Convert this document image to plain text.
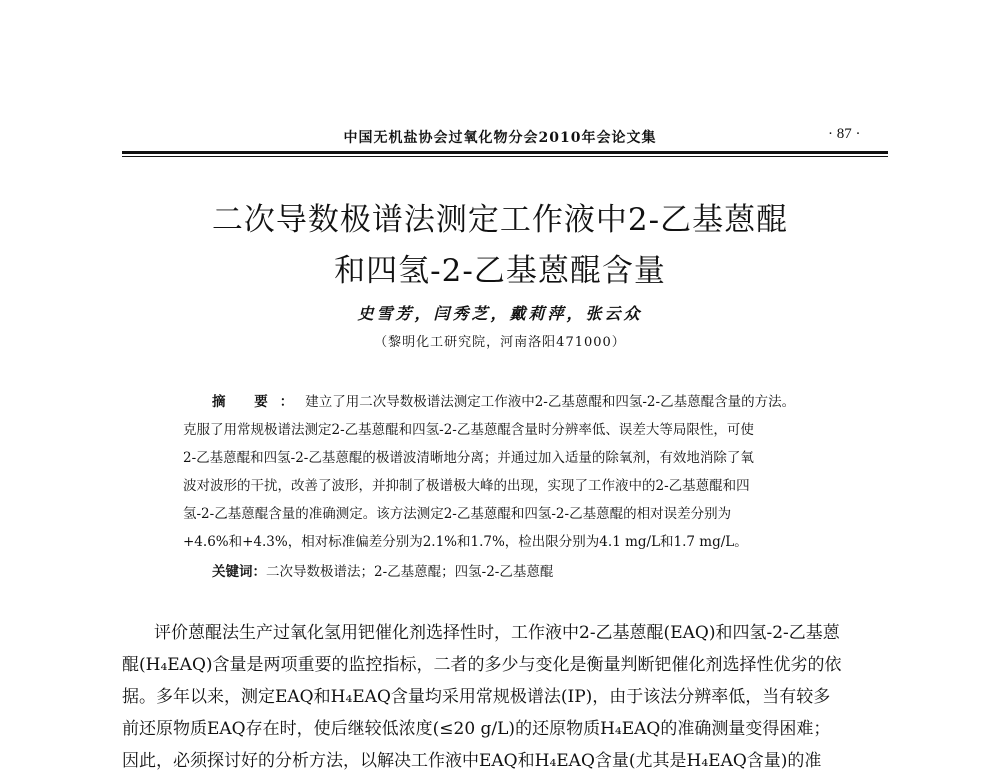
中国无机盐协会过氧化物分会2010年会论文集	· 87 ·
二次导数极谱法测定工作液中2-乙基蒽醌
和四氢-2-乙基蒽醌含量
史雪芳，闫秀芝，戴莉萍，张云众
（黎明化工研究院，河南洛阳471000）
摘 要：建立了用二次导数极谱法测定工作液中2-乙基蒽醌和四氢-2-乙基蒽醌含量的方法。
克服了用常规极谱法测定2-乙基蒽醌和四氢-2-乙基蒽醌含量时分辨率低、误差大等局限性，可使
2-乙基蒽醌和四氢-2-乙基蒽醌的极谱波清晰地分离；并通过加入适量的除氧剂，有效地消除了氧
波对波形的干扰，改善了波形，并抑制了极谱极大峰的出现，实现了工作液中的2-乙基蒽醌和四
氢-2-乙基蒽醌含量的准确测定。该方法测定2-乙基蒽醌和四氢-2-乙基蒽醌的相对误差分别为
+4.6%和+4.3%，相对标准偏差分别为2.1%和1.7%，检出限分别为4.1 mg/L和1.7 mg/L。
关键词：二次导数极谱法；2-乙基蒽醌；四氢-2-乙基蒽醌
评价蒽醌法生产过氧化氢用钯催化剂选择性时，工作液中2-乙基蒽醌(EAQ)和四氢-2-乙基蒽
醌(H₄EAQ)含量是两项重要的监控指标，二者的多少与变化是衡量判断钯催化剂选择性优劣的依
据。多年以来，测定EAQ和H₄EAQ含量均采用常规极谱法(IP)，由于该法分辨率低，当有较多
前还原物质EAQ存在时，使后继较低浓度(≤20 g/L)的还原物质H₄EAQ的准确测量变得困难；
因此，必须探讨好的分析方法，以解决工作液中EAQ和H₄EAQ含量(尤其是H₄EAQ含量)的准
